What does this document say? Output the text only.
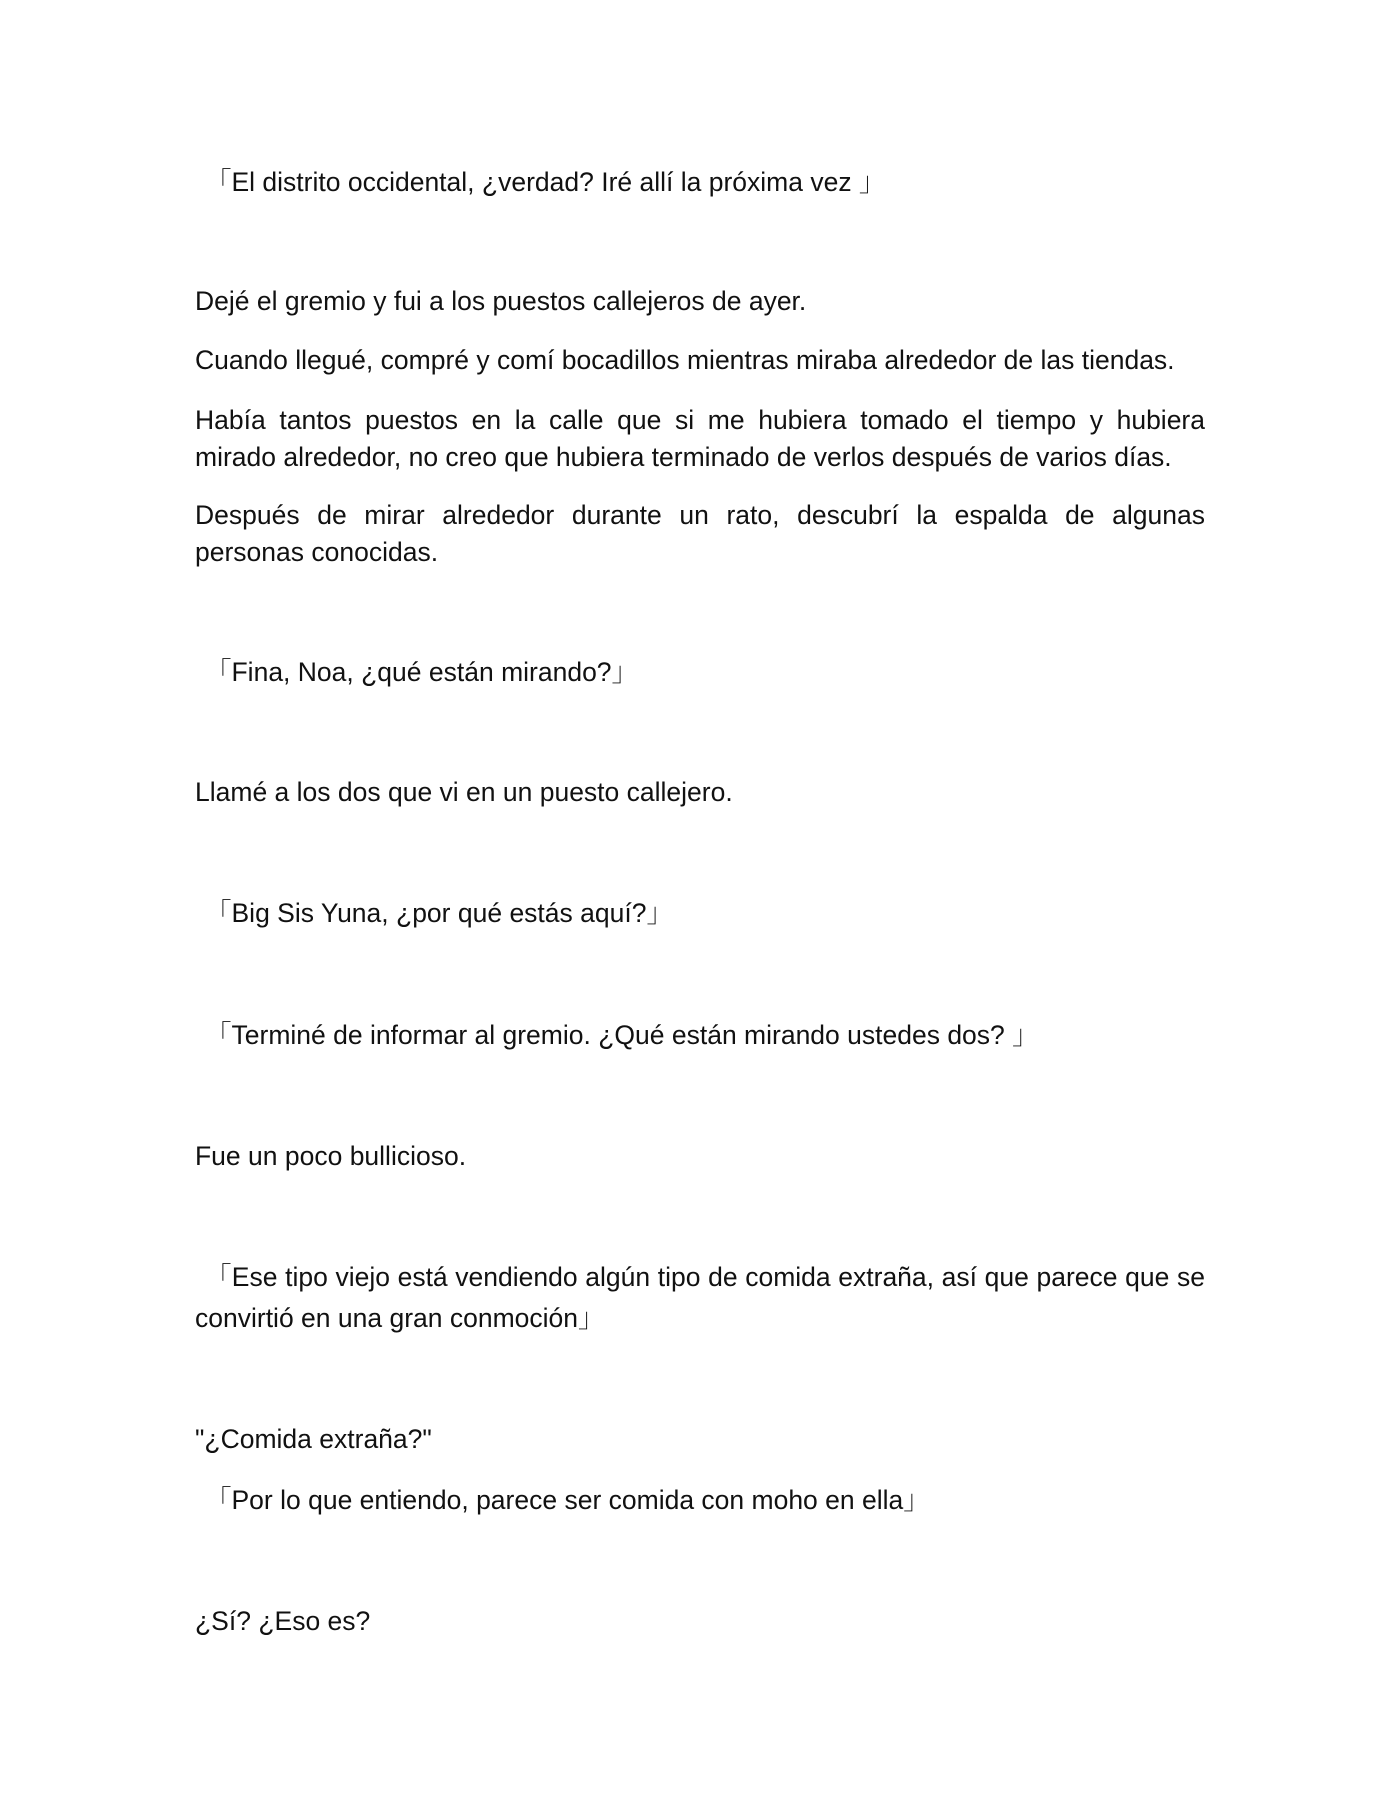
「El distrito occidental, ¿verdad? Iré allí la próxima vez 」

Dejé el gremio y fui a los puestos callejeros de ayer.

Cuando llegué, compré y comí bocadillos mientras miraba alrededor de las tiendas.

Había tantos puestos en la calle que si me hubiera tomado el tiempo y hubiera mirado alrededor, no creo que hubiera terminado de verlos después de varios días.

Después de mirar alrededor durante un rato, descubrí la espalda de algunas personas conocidas.

「Fina, Noa, ¿qué están mirando?」

Llamé a los dos que vi en un puesto callejero.

「Big Sis Yuna, ¿por qué estás aquí?」

「Terminé de informar al gremio. ¿Qué están mirando ustedes dos? 」

Fue un poco bullicioso.

「Ese tipo viejo está vendiendo algún tipo de comida extraña, así que parece que se convirtió en una gran conmoción」

"¿Comida extraña?"

「Por lo que entiendo, parece ser comida con moho en ella」

¿Sí? ¿Eso es?
